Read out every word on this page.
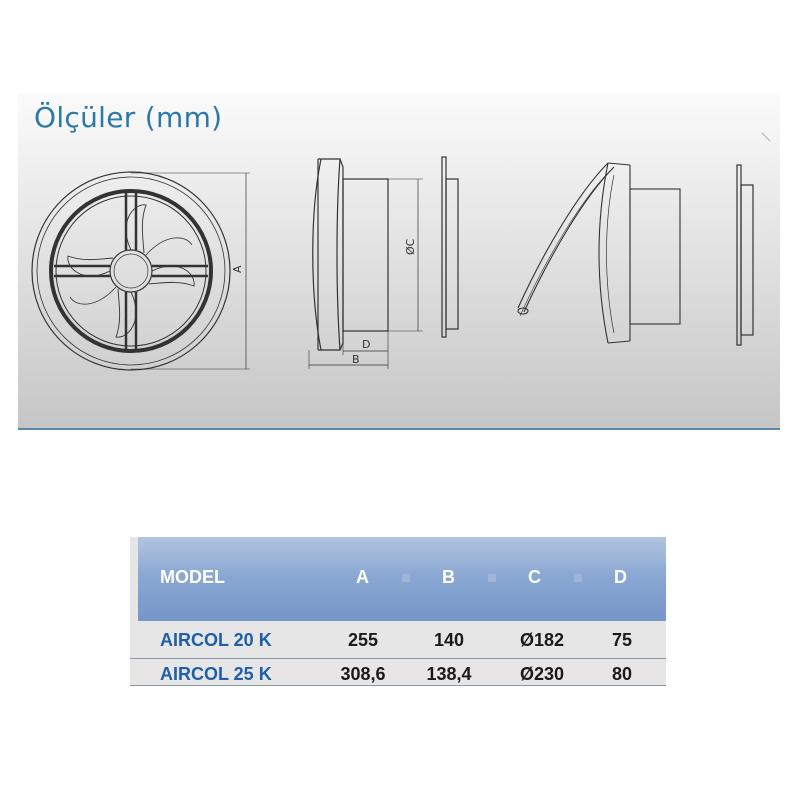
Ölçüler (mm)
A
ØC
D
B
MODEL	A	B	C	D
AIRCOL 20 K	255	140	Ø182	75
AIRCOL 25 K	308,6	138,4	Ø230	80
